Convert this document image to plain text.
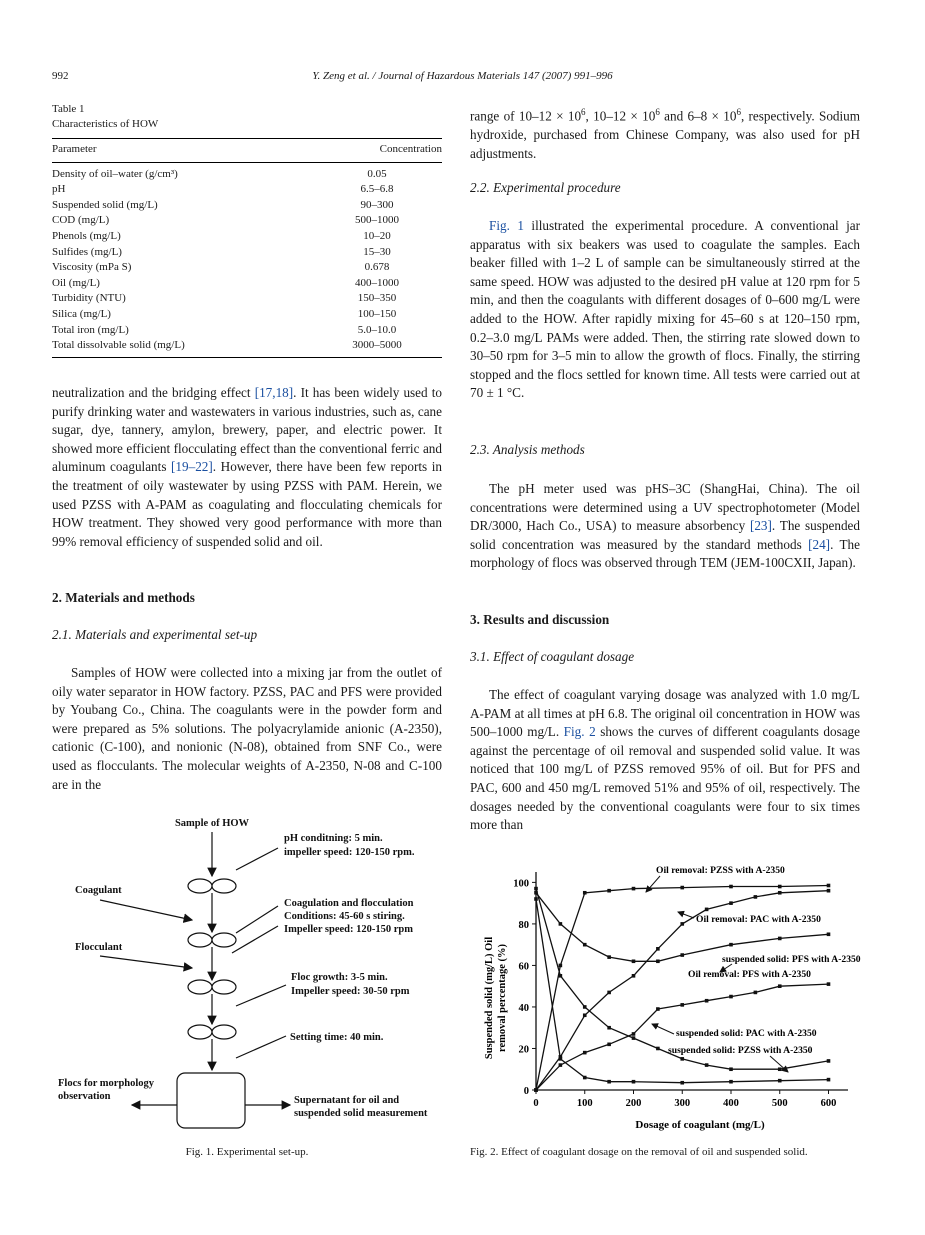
992	Y. Zeng et al. / Journal of Hazardous Materials 147 (2007) 991–996
Table 1
Characteristics of HOW
Parameter	Concentration
Density of oil–water (g/cm³)	0.05
pH	6.5–6.8
Suspended solid (mg/L)	90–300
COD (mg/L)	500–1000
Phenols (mg/L)	10–20
Sulfides (mg/L)	15–30
Viscosity (mPa S)	0.678
Oil (mg/L)	400–1000
Turbidity (NTU)	150–350
Silica (mg/L)	100–150
Total iron (mg/L)	5.0–10.0
Total dissolvable solid (mg/L)	3000–5000

neutralization and the bridging effect [17,18]. It has been widely used to purify drinking water and wastewaters in various industries, such as, cane sugar, dye, tannery, amylon, brewery, paper, and electric power. It showed more efficient flocculating effect than the conventional ferric and aluminum coagulants [19–22]. However, there have been few reports in the treatment of oily wastewater by using PZSS with PAM. Herein, we used PZSS with A-PAM as coagulating and flocculating chemicals for HOW treatment. They showed very good performance with more than 99% removal efficiency of suspended solid and oil.

2. Materials and methods
2.1. Materials and experimental set-up

Samples of HOW were collected into a mixing jar from the outlet of oily water separator in HOW factory. PZSS, PAC and PFS were provided by Youbang Co., China. The coagulants were in the powder form and were prepared as 5% solutions. The polyacrylamide anionic (A-2350), cationic (C-100), and nonionic (N-08), obtained from SNF Co., were used as flocculants. The molecular weights of A-2350, N-08 and C-100 are in the

range of $10-12 \times 10^6$, $10-12 \times 10^6$ and $6-8 \times 10^6$, respectively. Sodium hydroxide, purchased from Chinese Company, was also used for pH adjustments.

2.2. Experimental procedure

Fig. 1 illustrated the experimental procedure. A conventional jar apparatus with six beakers was used to coagulate the samples. Each beaker filled with 1–2 L of sample can be simultaneously stirred at the same speed. HOW was adjusted to the desired pH value at 120 rpm for 5 min, and then the coagulants with different dosages of 0–600 mg/L were added to the HOW. After rapidly mixing for 45–60 s at 120–150 rpm, 0.2–3.0 mg/L PAMs were added. Then, the stirring rate slowed down to 30–50 rpm for 3–5 min to allow the growth of flocs. Finally, the stirring stopped and the flocs settled for known time. All tests were carried out at 70 ± 1 °C.

2.3. Analysis methods

The pH meter used was pHS–3C (ShangHai, China). The oil concentrations were determined using a UV spectrophotometer (Model DR/3000, Hach Co., USA) to measure absorbency [23]. The suspended solid concentration was measured by the standard methods [24]. The morphology of flocs was observed through TEM (JEM-100CXII, Japan).

3. Results and discussion
3.1. Effect of coagulant dosage

The effect of coagulant varying dosage was analyzed with 1.0 mg/L A-PAM at all times at pH 6.8. The original oil concentration in HOW was 500–1000 mg/L. Fig. 2 shows the curves of different coagulants dosage against the percentage of oil removal and suspended solid value. It was noticed that 100 mg/L of PZSS removed 95% of oil. But for PFS and PAC, 600 and 450 mg/L removed 51% and 95% of oil, respectively. The dosages needed by the conventional coagulants were four to six times more than

Sample of HOW
pH conditning: 5 min.
impeller speed: 120-150 rpm.
Coagulant
Coagulation and flocculation
Conditions: 45-60 s stiring.
Impeller speed: 120-150 rpm
Flocculant
Floc growth: 3-5 min.
Impeller speed: 30-50 rpm
Setting time: 40 min.
Flocs for morphology
observation	Supernatant for oil and
suspended solid measurement
Fig. 1. Experimental set-up.
0	100	200	300	400	500	600
0
20
40
60
80
100
Oil removal: PZSS with A-2350
Oil removal: PAC with A-2350
suspended solid: PFS with A-2350
Oil removal: PFS with A-2350
suspended solid: PAC with A-2350
suspended solid: PZSS with A-2350
Dosage of coagulant (mg/L)
Suspended solid (mg/L) Oil removal percentage (%)
Fig. 2. Effect of coagulant dosage on the removal of oil and suspended solid.
